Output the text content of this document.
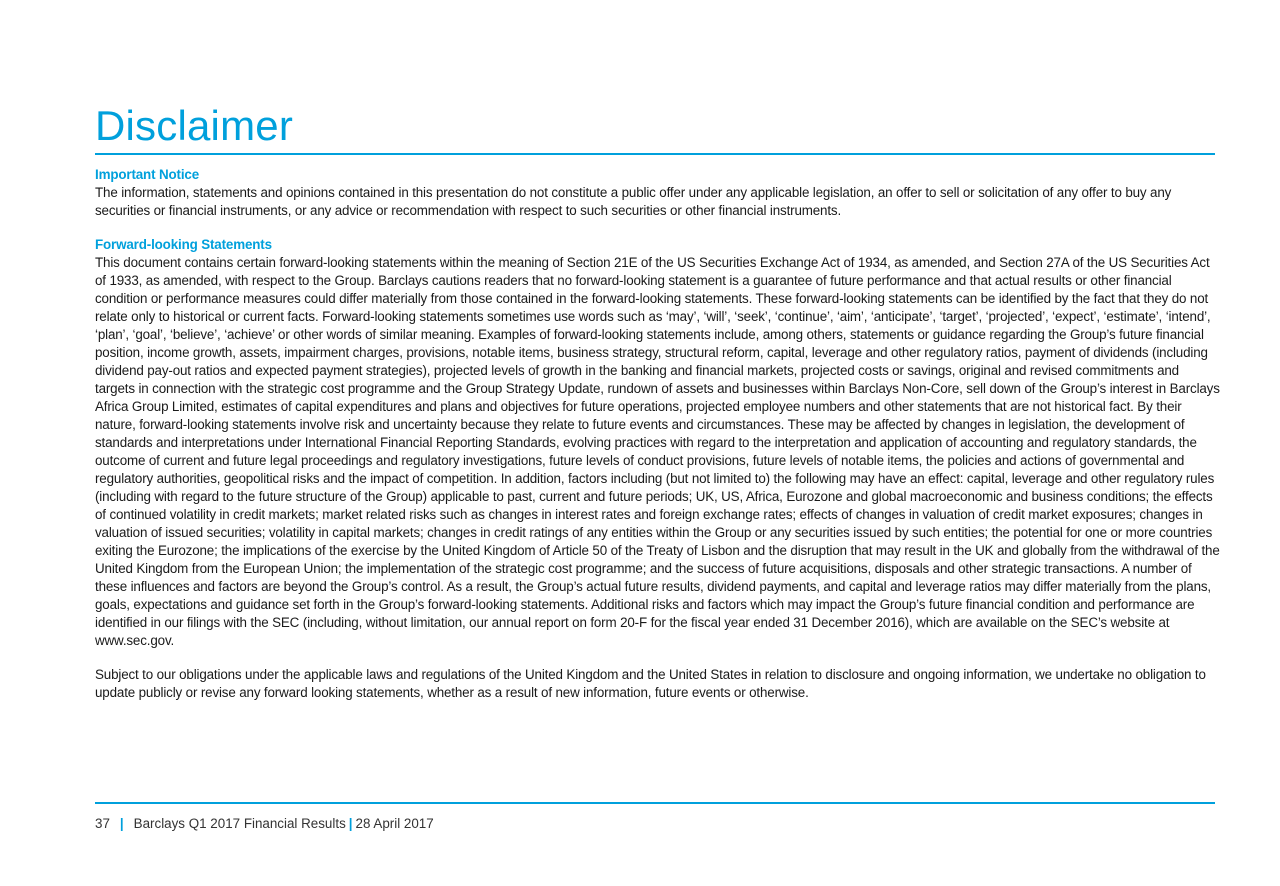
Disclaimer
Important Notice

The information, statements and opinions contained in this presentation do not constitute a public offer under any applicable legislation, an offer to sell or solicitation of any offer to buy any securities or financial instruments, or any advice or recommendation with respect to such securities or other financial instruments.

Forward-looking Statements

This document contains certain forward-looking statements within the meaning of Section 21E of the US Securities Exchange Act of 1934, as amended, and Section 27A of the US Securities Act of 1933, as amended, with respect to the Group. Barclays cautions readers that no forward-looking statement is a guarantee of future performance and that actual results or other financial condition or performance measures could differ materially from those contained in the forward-looking statements. These forward-looking statements can be identified by the fact that they do not relate only to historical or current facts. Forward-looking statements sometimes use words such as ‘may’, ‘will’, ‘seek’, ‘continue’, ‘aim’, ‘anticipate’, ‘target’, ‘projected’, ‘expect’, ‘estimate’, ‘intend’, ‘plan’, ‘goal’, ‘believe’, ‘achieve’ or other words of similar meaning. Examples of forward-looking statements include, among others, statements or guidance regarding the Group’s future financial position, income growth, assets, impairment charges, provisions, notable items, business strategy, structural reform, capital, leverage and other regulatory ratios, payment of dividends (including dividend pay-out ratios and expected payment strategies), projected levels of growth in the banking and financial markets, projected costs or savings, original and revised commitments and targets in connection with the strategic cost programme and the Group Strategy Update, rundown of assets and businesses within Barclays Non-Core, sell down of the Group’s interest in Barclays Africa Group Limited, estimates of capital expenditures and plans and objectives for future operations, projected employee numbers and other statements that are not historical fact. By their nature, forward-looking statements involve risk and uncertainty because they relate to future events and circumstances. These may be affected by changes in legislation, the development of standards and interpretations under International Financial Reporting Standards, evolving practices with regard to the interpretation and application of accounting and regulatory standards, the outcome of current and future legal proceedings and regulatory investigations, future levels of conduct provisions, future levels of notable items, the policies and actions of governmental and regulatory authorities, geopolitical risks and the impact of competition. In addition, factors including (but not limited to) the following may have an effect: capital, leverage and other regulatory rules (including with regard to the future structure of the Group) applicable to past, current and future periods; UK, US, Africa, Eurozone and global macroeconomic and business conditions; the effects of continued volatility in credit markets; market related risks such as changes in interest rates and foreign exchange rates; effects of changes in valuation of credit market exposures; changes in valuation of issued securities; volatility in capital markets; changes in credit ratings of any entities within the Group or any securities issued by such entities; the potential for one or more countries exiting the Eurozone; the implications of the exercise by the United Kingdom of Article 50 of the Treaty of Lisbon and the disruption that may result in the UK and globally from the withdrawal of the United Kingdom from the European Union; the implementation of the strategic cost programme; and the success of future acquisitions, disposals and other strategic transactions. A number of these influences and factors are beyond the Group’s control. As a result, the Group’s actual future results, dividend payments, and capital and leverage ratios may differ materially from the plans, goals, expectations and guidance set forth in the Group’s forward-looking statements. Additional risks and factors which may impact the Group’s future financial condition and performance are identified in our filings with the SEC (including, without limitation, our annual report on form 20-F for the fiscal year ended 31 December 2016), which are available on the SEC’s website at www.sec.gov.

Subject to our obligations under the applicable laws and regulations of the United Kingdom and the United States in relation to disclosure and ongoing information, we undertake no obligation to update publicly or revise any forward looking statements, whether as a result of new information, future events or otherwise.

37 | Barclays Q1 2017 Financial Results | 28 April 2017
